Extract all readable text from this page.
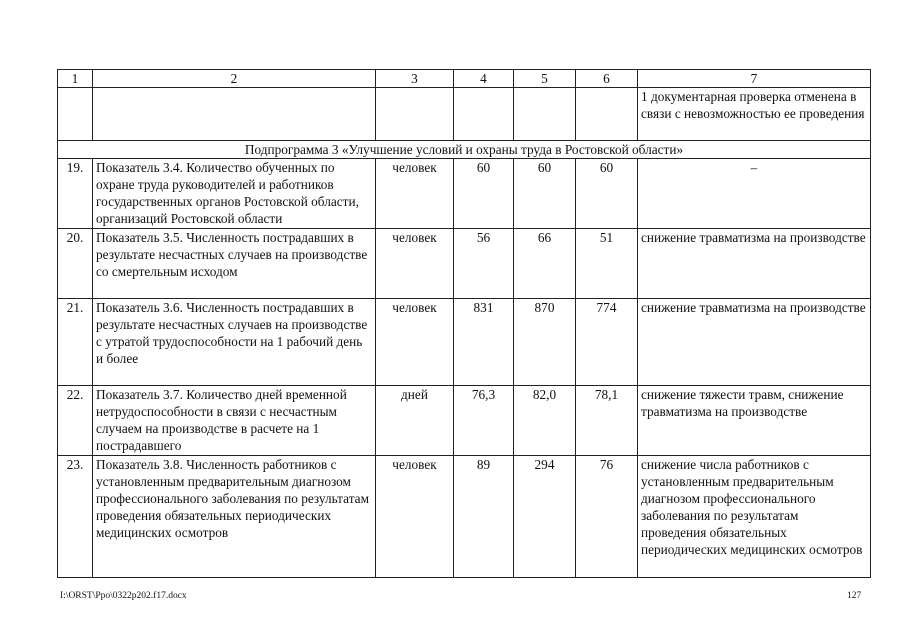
1	2	3	4	5	6	7
						1 документарная проверка отменена в связи с невозможностью ее проведения
Подпрограмма 3 «Улучшение условий и охраны труда в Ростовской области»						
19.	Показатель 3.4. Количество обученных по охране труда руководителей и работников государственных органов Ростовской области, организаций Ростовской области	человек	60	60	60	–
20.	Показатель 3.5. Численность пострадавших в результате несчастных случаев на производстве со смертельным исходом	человек	56	66	51	снижение травматизма на производстве
21.	Показатель 3.6. Численность пострадавших в результате несчастных случаев на производстве с утратой трудоспособности на 1 рабочий день и более	человек	831	870	774	снижение травматизма на производстве
22.	Показатель 3.7. Количество дней временной нетрудоспособности в связи с несчастным случаем на производстве в расчете на 1 пострадавшего	дней	76,3	82,0	78,1	снижение тяжести травм, снижение травматизма на производстве
23.	Показатель 3.8. Численность работников с установленным предварительным диагнозом профессионального заболевания по результатам проведения обязательных периодических медицинских осмотров	человек	89	294	76	снижение числа работников с установленным предварительным диагнозом профессионального заболевания по результатам проведения обязательных периодических медицинских осмотров
I:\ORST\Ppo\0322p202.f17.docx	127
